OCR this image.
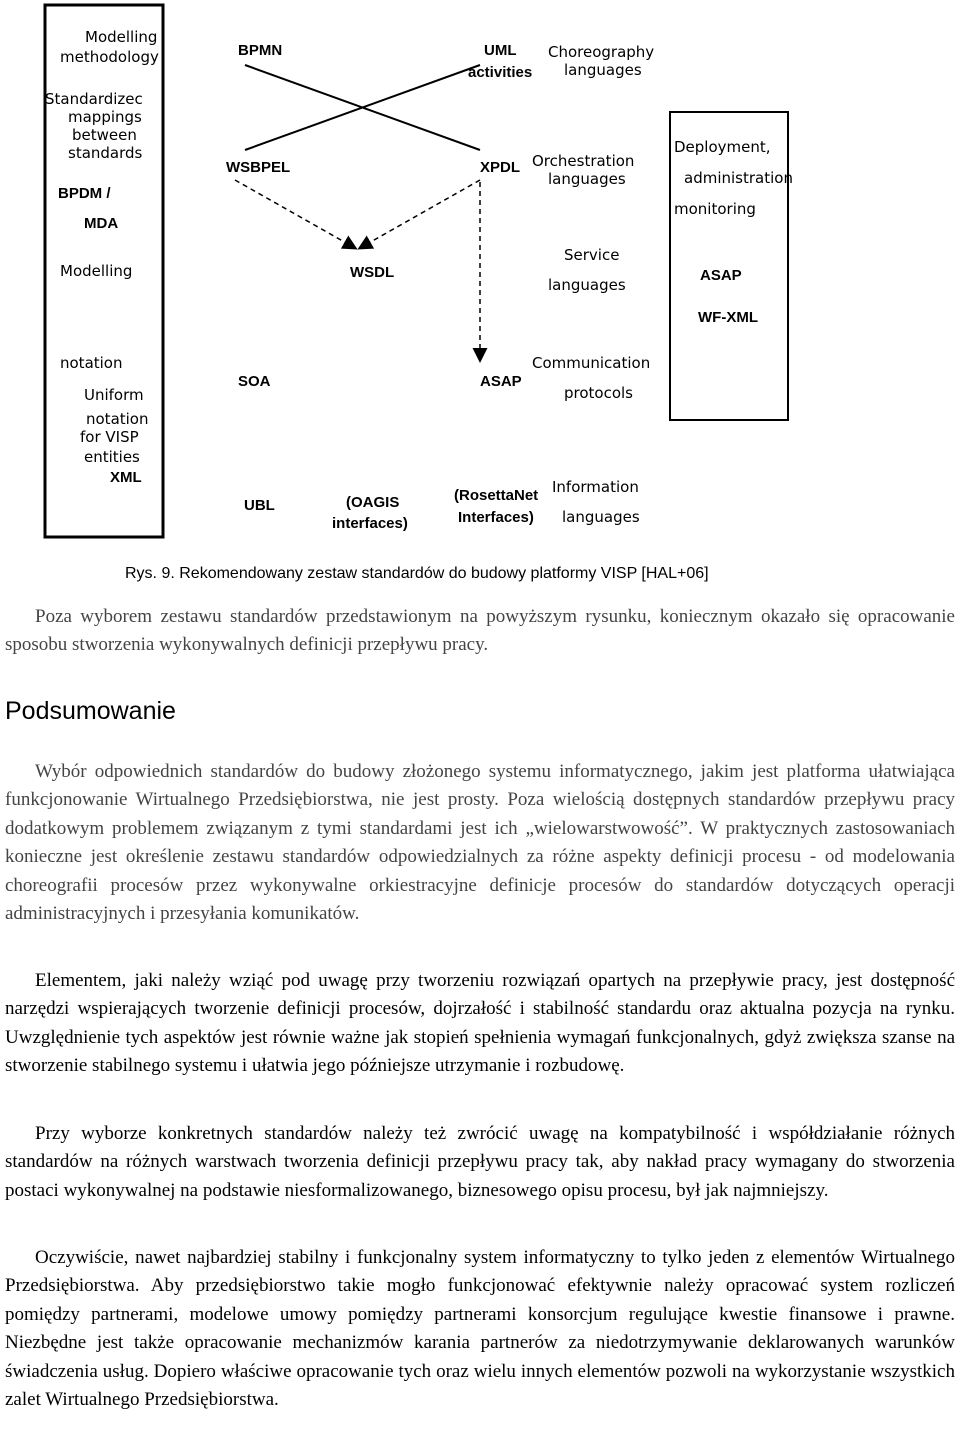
Modelling
methodology
Standardizec
mappings
between
standards
BPDM /
MDA
Modelling
notation
Uniform
notation
for VISP
entities
XML
BPMN	UML
activities
Choreography
languages
WSBPEL	XPDL Orchestration
languages
WSDL
Service
languages
SOA	ASAP
Communication
protocols
UBL	(OAGIS
interfaces)
(RosettaNet
Interfaces)
Information
languages
Deployment,
administration
monitoring
ASAP
WF-XML
Rys. 9. Rekomendowany zestaw standardów do budowy platformy VISP [HAL+06]

Poza wyborem zestawu standardów przedstawionym na powyższym rysunku, koniecznym okazało się opracowanie sposobu stworzenia wykonywalnych definicji przepływu pracy.

Podsumowanie

Wybór odpowiednich standardów do budowy złożonego systemu informatycznego, jakim jest platforma ułatwiająca funkcjonowanie Wirtualnego Przedsiębiorstwa, nie jest prosty. Poza wielością dostępnych standardów przepływu pracy dodatkowym problemem związanym z tymi standardami jest ich „wielowarstwowość”. W praktycznych zastosowaniach konieczne jest określenie zestawu standardów odpowiedzialnych za różne aspekty definicji procesu - od modelowania choreografii procesów przez wykonywalne orkiestracyjne definicje procesów do standardów dotyczących operacji administracyjnych i przesyłania komunikatów.

Elementem, jaki należy wziąć pod uwagę przy tworzeniu rozwiązań opartych na przepływie pracy, jest dostępność narzędzi wspierających tworzenie definicji procesów, dojrzałość i stabilność standardu oraz aktualna pozycja na rynku. Uwzględnienie tych aspektów jest równie ważne jak stopień spełnienia wymagań funkcjonalnych, gdyż zwiększa szanse na stworzenie stabilnego systemu i ułatwia jego późniejsze utrzymanie i rozbudowę.

Przy wyborze konkretnych standardów należy też zwrócić uwagę na kompatybilność i współdziałanie różnych standardów na różnych warstwach tworzenia definicji przepływu pracy tak, aby nakład pracy wymagany do stworzenia postaci wykonywalnej na podstawie niesformalizowanego, biznesowego opisu procesu, był jak najmniejszy.

Oczywiście, nawet najbardziej stabilny i funkcjonalny system informatyczny to tylko jeden z elementów Wirtualnego Przedsiębiorstwa. Aby przedsiębiorstwo takie mogło funkcjonować efektywnie należy opracować system rozliczeń pomiędzy partnerami, modelowe umowy pomiędzy partnerami konsorcjum regulujące kwestie finansowe i prawne. Niezbędne jest także opracowanie mechanizmów karania partnerów za niedotrzymywanie deklarowanych warunków świadczenia usług. Dopiero właściwe opracowanie tych oraz wielu innych elementów pozwoli na wykorzystanie wszystkich zalet Wirtualnego Przedsiębiorstwa.
